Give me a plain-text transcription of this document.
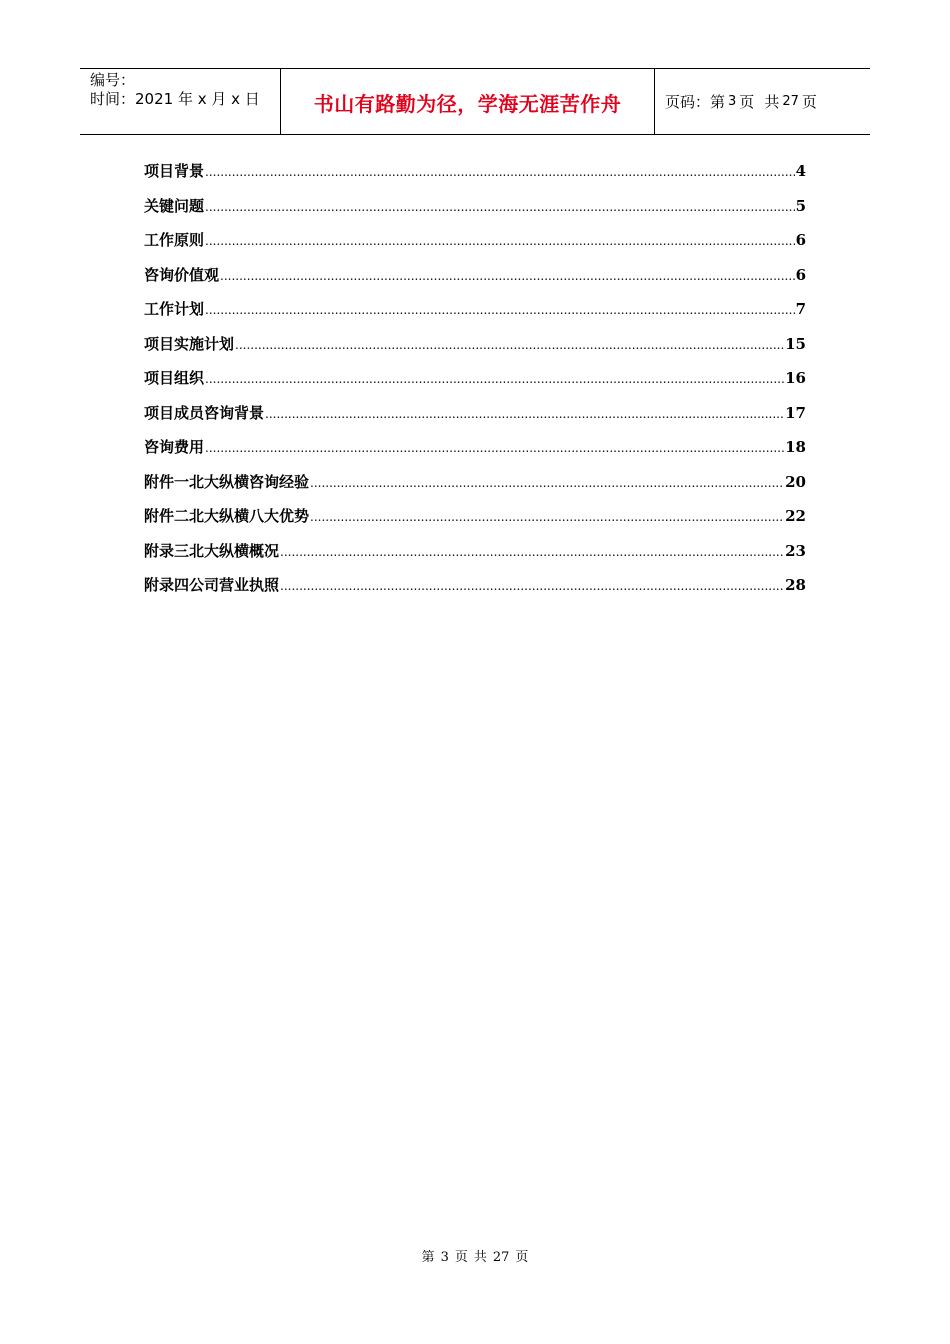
编号：
时间：2021 年 x 月 x 日	书山有路勤为径，学海无涯苦作舟	页码：第 3 页 共 27 页
项目背景 .....	4
关键问题 .....	5
工作原则 .....	6
咨询价值观 .....	6
工作计划 .....	7
项目实施计划 .....	15
项目组织 .....	16
项目成员咨询背景 .....	17
咨询费用 .....	18
附件一北大纵横咨询经验 .....	20
附件二北大纵横八大优势 .....	22
附录三北大纵横概况 .....	23
附录四公司营业执照 .....	28
第 3 页 共 27 页
